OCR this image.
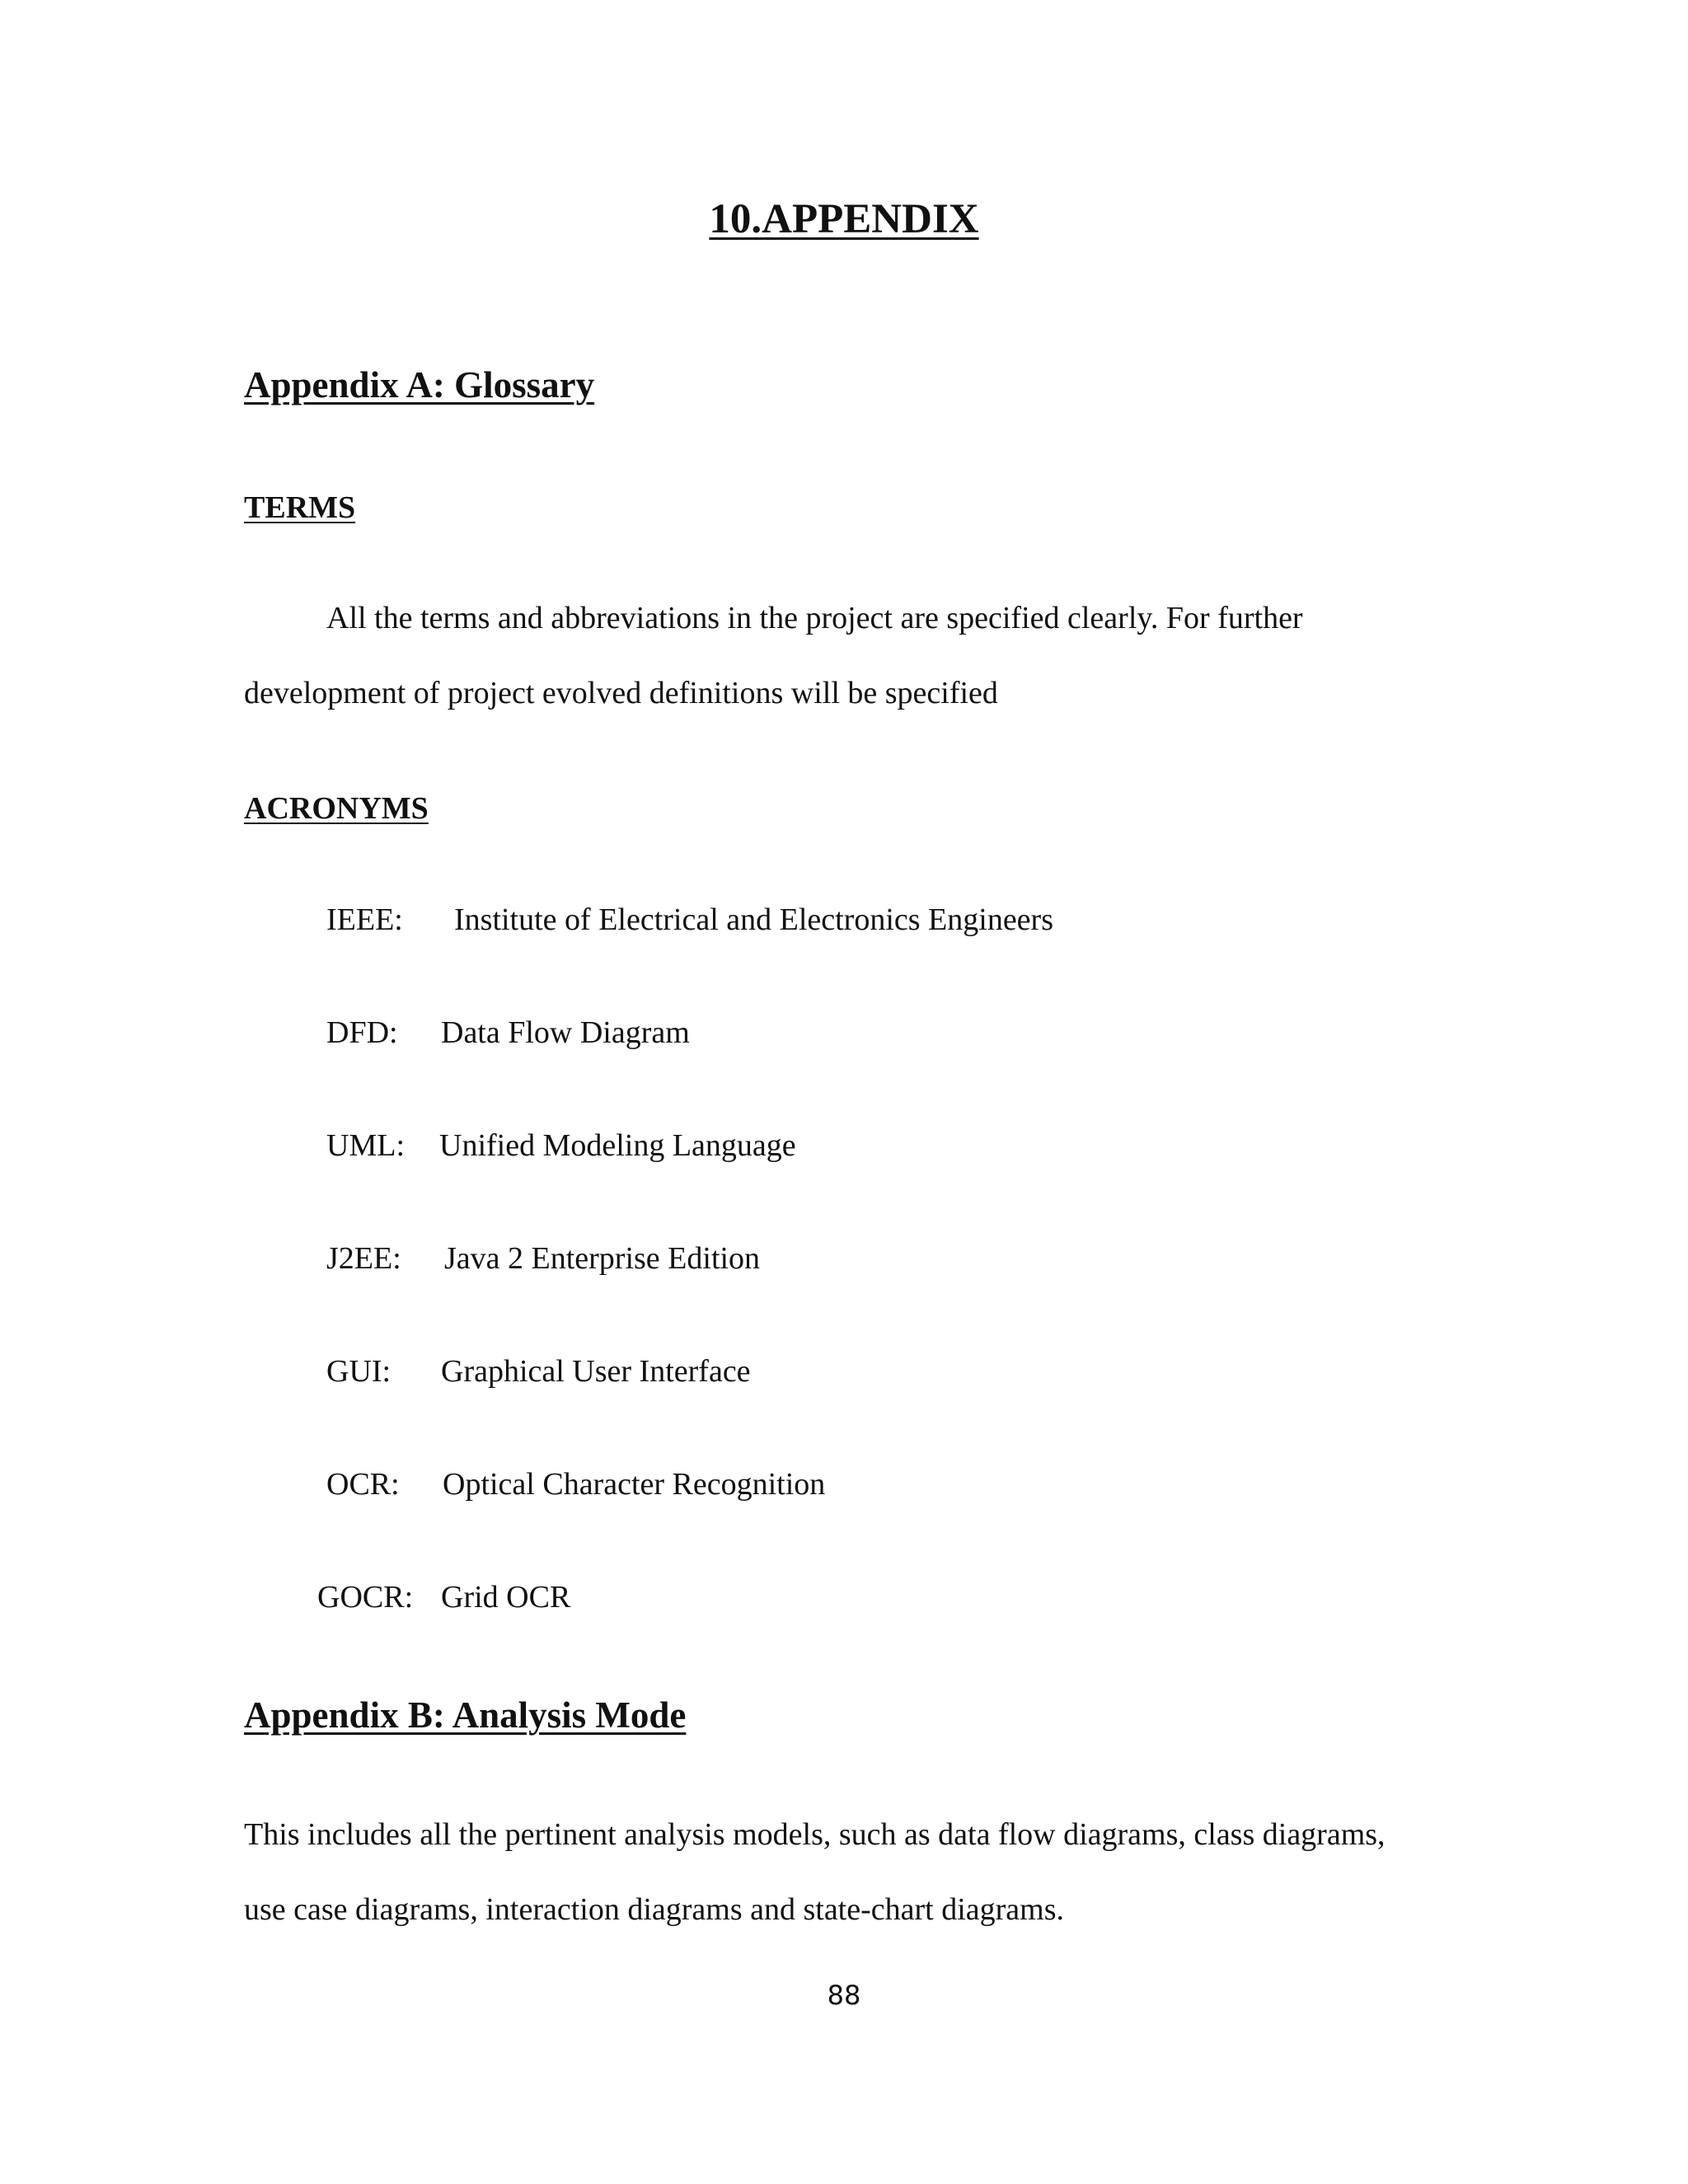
10.APPENDIX
Appendix A: Glossary
TERMS
All the terms and abbreviations in the project are specified clearly. For further
development of project evolved definitions will be specified
ACRONYMS
IEEE: Institute of Electrical and Electronics Engineers
DFD: Data Flow Diagram
UML: Unified Modeling Language
J2EE: Java 2 Enterprise Edition
GUI: Graphical User Interface
OCR: Optical Character Recognition
GOCR: Grid OCR
Appendix B: Analysis Mode
This includes all the pertinent analysis models, such as data flow diagrams, class diagrams,
use case diagrams, interaction diagrams and state-chart diagrams.
88
